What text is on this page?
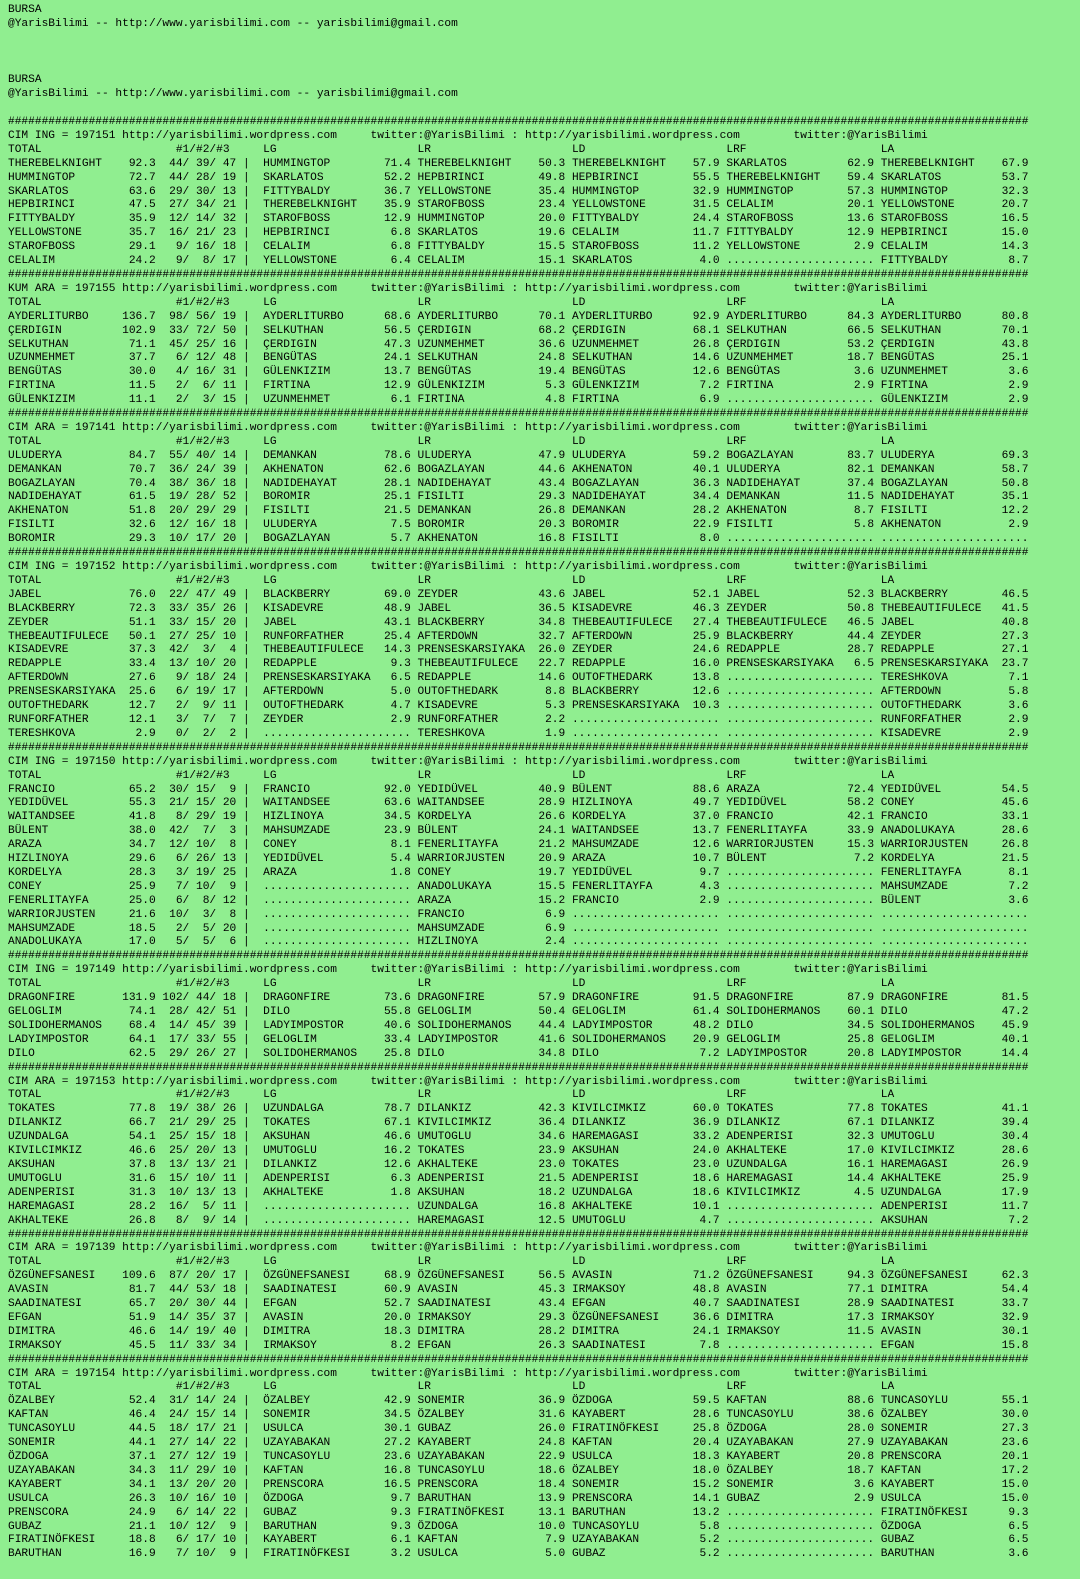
BURSA
@YarisBilimi -- http://www.yarisbilimi.com -- yarisbilimi@gmail.com
BURSA
@YarisBilimi -- http://www.yarisbilimi.com -- yarisbilimi@gmail.com
########################################################################################################################################################
CIM ING = 197151 http://yarisbilimi.wordpress.com     twitter:@YarisBilimi : http://yarisbilimi.wordpress.com        twitter:@YarisBilimi
TOTAL                    #1/#2/#3     LG                     LR                     LD                     LRF                    LA
THEREBELKNIGHT    92.3  44/ 39/ 47 |  HUMMINGTOP        71.4 THEREBELKNIGHT    50.3 THEREBELKNIGHT    57.9 SKARLATOS         62.9 THEREBELKNIGHT    67.9
HUMMINGTOP        72.7  44/ 28/ 19 |  SKARLATOS         52.2 HEPBIRINCI        49.8 HEPBIRINCI        55.5 THEREBELKNIGHT    59.4 SKARLATOS         53.7
SKARLATOS         63.6  29/ 30/ 13 |  FITTYBALDY        36.7 YELLOWSTONE       35.4 HUMMINGTOP        32.9 HUMMINGTOP        57.3 HUMMINGTOP        32.3
HEPBIRINCI        47.5  27/ 34/ 21 |  THEREBELKNIGHT    35.9 STAROFBOSS        23.4 YELLOWSTONE       31.5 CELALIM           20.1 YELLOWSTONE       20.7
FITTYBALDY        35.9  12/ 14/ 32 |  STAROFBOSS        12.9 HUMMINGTOP        20.0 FITTYBALDY        24.4 STAROFBOSS        13.6 STAROFBOSS        16.5
YELLOWSTONE       35.7  16/ 21/ 23 |  HEPBIRINCI         6.8 SKARLATOS         19.6 CELALIM           11.7 FITTYBALDY        12.9 HEPBIRINCI        15.0
STAROFBOSS        29.1   9/ 16/ 18 |  CELALIM            6.8 FITTYBALDY        15.5 STAROFBOSS        11.2 YELLOWSTONE        2.9 CELALIM           14.3
CELALIM           24.2   9/  8/ 17 |  YELLOWSTONE        6.4 CELALIM           15.1 SKARLATOS          4.0 ...................... FITTYBALDY         8.7
########################################################################################################################################################
KUM ARA = 197155 http://yarisbilimi.wordpress.com     twitter:@YarisBilimi : http://yarisbilimi.wordpress.com        twitter:@YarisBilimi
TOTAL                    #1/#2/#3     LG                     LR                     LD                     LRF                    LA
AYDERLITURBO     136.7  98/ 56/ 19 |  AYDERLITURBO      68.6 AYDERLITURBO      70.1 AYDERLITURBO      92.9 AYDERLITURBO      84.3 AYDERLITURBO      80.8
ÇERDIGIN         102.9  33/ 72/ 50 |  SELKUTHAN         56.5 ÇERDIGIN          68.2 ÇERDIGIN          68.1 SELKUTHAN         66.5 SELKUTHAN         70.1
SELKUTHAN         71.1  45/ 25/ 16 |  ÇERDIGIN          47.3 UZUNMEHMET        36.6 UZUNMEHMET        26.8 ÇERDIGIN          53.2 ÇERDIGIN          43.8
UZUNMEHMET        37.7   6/ 12/ 48 |  BENGÜTAS          24.1 SELKUTHAN         24.8 SELKUTHAN         14.6 UZUNMEHMET        18.7 BENGÜTAS          25.1
BENGÜTAS          30.0   4/ 16/ 31 |  GÜLENKIZIM        13.7 BENGÜTAS          19.4 BENGÜTAS          12.6 BENGÜTAS           3.6 UZUNMEHMET         3.6
FIRTINA           11.5   2/  6/ 11 |  FIRTINA           12.9 GÜLENKIZIM         5.3 GÜLENKIZIM         7.2 FIRTINA            2.9 FIRTINA            2.9
GÜLENKIZIM        11.1   2/  3/ 15 |  UZUNMEHMET         6.1 FIRTINA            4.8 FIRTINA            6.9 ...................... GÜLENKIZIM         2.9
########################################################################################################################################################
CIM ARA = 197141 http://yarisbilimi.wordpress.com     twitter:@YarisBilimi : http://yarisbilimi.wordpress.com        twitter:@YarisBilimi
TOTAL                    #1/#2/#3     LG                     LR                     LD                     LRF                    LA
ULUDERYA          84.7  55/ 40/ 14 |  DEMANKAN          78.6 ULUDERYA          47.9 ULUDERYA          59.2 BOGAZLAYAN        83.7 ULUDERYA          69.3
DEMANKAN          70.7  36/ 24/ 39 |  AKHENATON         62.6 BOGAZLAYAN        44.6 AKHENATON         40.1 ULUDERYA          82.1 DEMANKAN          58.7
BOGAZLAYAN        70.4  38/ 36/ 18 |  NADIDEHAYAT       28.1 NADIDEHAYAT       43.4 BOGAZLAYAN        36.3 NADIDEHAYAT       37.4 BOGAZLAYAN        50.8
NADIDEHAYAT       61.5  19/ 28/ 52 |  BOROMIR           25.1 FISILTI           29.3 NADIDEHAYAT       34.4 DEMANKAN          11.5 NADIDEHAYAT       35.1
AKHENATON         51.8  20/ 29/ 29 |  FISILTI           21.5 DEMANKAN          26.8 DEMANKAN          28.2 AKHENATON          8.7 FISILTI           12.2
FISILTI           32.6  12/ 16/ 18 |  ULUDERYA           7.5 BOROMIR           20.3 BOROMIR           22.9 FISILTI            5.8 AKHENATON          2.9
BOROMIR           29.3  10/ 17/ 20 |  BOGAZLAYAN         5.7 AKHENATON         16.8 FISILTI            8.0 ...................... ......................
########################################################################################################################################################
CIM ING = 197152 http://yarisbilimi.wordpress.com     twitter:@YarisBilimi : http://yarisbilimi.wordpress.com        twitter:@YarisBilimi
TOTAL                    #1/#2/#3     LG                     LR                     LD                     LRF                    LA
JABEL             76.0  22/ 47/ 49 |  BLACKBERRY        69.0 ZEYDER            43.6 JABEL             52.1 JABEL             52.3 BLACKBERRY        46.5
BLACKBERRY        72.3  33/ 35/ 26 |  KISADEVRE         48.9 JABEL             36.5 KISADEVRE         46.3 ZEYDER            50.8 THEBEAUTIFULECE   41.5
ZEYDER            51.1  33/ 15/ 20 |  JABEL             43.1 BLACKBERRY        34.8 THEBEAUTIFULECE   27.4 THEBEAUTIFULECE   46.5 JABEL             40.8
THEBEAUTIFULECE   50.1  27/ 25/ 10 |  RUNFORFATHER      25.4 AFTERDOWN         32.7 AFTERDOWN         25.9 BLACKBERRY        44.4 ZEYDER            27.3
KISADEVRE         37.3  42/  3/  4 |  THEBEAUTIFULECE   14.3 PRENSESKARSIYAKA  26.0 ZEYDER            24.6 REDAPPLE          28.7 REDAPPLE          27.1
REDAPPLE          33.4  13/ 10/ 20 |  REDAPPLE           9.3 THEBEAUTIFULECE   22.7 REDAPPLE          16.0 PRENSESKARSIYAKA   6.5 PRENSESKARSIYAKA  23.7
AFTERDOWN         27.6   9/ 18/ 24 |  PRENSESKARSIYAKA   6.5 REDAPPLE          14.6 OUTOFTHEDARK      13.8 ...................... TERESHKOVA         7.1
PRENSESKARSIYAKA  25.6   6/ 19/ 17 |  AFTERDOWN          5.0 OUTOFTHEDARK       8.8 BLACKBERRY        12.6 ...................... AFTERDOWN          5.8
OUTOFTHEDARK      12.7   2/  9/ 11 |  OUTOFTHEDARK       4.7 KISADEVRE          5.3 PRENSESKARSIYAKA  10.3 ...................... OUTOFTHEDARK       3.6
RUNFORFATHER      12.1   3/  7/  7 |  ZEYDER             2.9 RUNFORFATHER       2.2 ...................... ...................... RUNFORFATHER       2.9
TERESHKOVA         2.9   0/  2/  2 |  ...................... TERESHKOVA         1.9 ...................... ...................... KISADEVRE          2.9
########################################################################################################################################################
CIM ING = 197150 http://yarisbilimi.wordpress.com     twitter:@YarisBilimi : http://yarisbilimi.wordpress.com        twitter:@YarisBilimi
TOTAL                    #1/#2/#3     LG                     LR                     LD                     LRF                    LA
FRANCIO           65.2  30/ 15/  9 |  FRANCIO           92.0 YEDIDÜVEL         40.9 BÜLENT            88.6 ARAZA             72.4 YEDIDÜVEL         54.5
YEDIDÜVEL         55.3  21/ 15/ 20 |  WAITANDSEE        63.6 WAITANDSEE        28.9 HIZLINOYA         49.7 YEDIDÜVEL         58.2 CONEY             45.6
WAITANDSEE        41.8   8/ 29/ 19 |  HIZLINOYA         34.5 KORDELYA          26.6 KORDELYA          37.0 FRANCIO           42.1 FRANCIO           33.1
BÜLENT            38.0  42/  7/  3 |  MAHSUMZADE        23.9 BÜLENT            24.1 WAITANDSEE        13.7 FENERLITAYFA      33.9 ANADOLUKAYA       28.6
ARAZA             34.7  12/ 10/  8 |  CONEY              8.1 FENERLITAYFA      21.2 MAHSUMZADE        12.6 WARRIORJUSTEN     15.3 WARRIORJUSTEN     26.8
HIZLINOYA         29.6   6/ 26/ 13 |  YEDIDÜVEL          5.4 WARRIORJUSTEN     20.9 ARAZA             10.7 BÜLENT             7.2 KORDELYA          21.5
KORDELYA          28.3   3/ 19/ 25 |  ARAZA              1.8 CONEY             19.7 YEDIDÜVEL          9.7 ...................... FENERLITAYFA       8.1
CONEY             25.9   7/ 10/  9 |  ...................... ANADOLUKAYA       15.5 FENERLITAYFA       4.3 ...................... MAHSUMZADE         7.2
FENERLITAYFA      25.0   6/  8/ 12 |  ...................... ARAZA             15.2 FRANCIO            2.9 ...................... BÜLENT             3.6
WARRIORJUSTEN     21.6  10/  3/  8 |  ...................... FRANCIO            6.9 ...................... ...................... ......................
MAHSUMZADE        18.5   2/  5/ 20 |  ...................... MAHSUMZADE         6.9 ...................... ...................... ......................
ANADOLUKAYA       17.0   5/  5/  6 |  ...................... HIZLINOYA          2.4 ...................... ...................... ......................
########################################################################################################################################################
CIM ING = 197149 http://yarisbilimi.wordpress.com     twitter:@YarisBilimi : http://yarisbilimi.wordpress.com        twitter:@YarisBilimi
TOTAL                    #1/#2/#3     LG                     LR                     LD                     LRF                    LA
DRAGONFIRE       131.9 102/ 44/ 18 |  DRAGONFIRE        73.6 DRAGONFIRE        57.9 DRAGONFIRE        91.5 DRAGONFIRE        87.9 DRAGONFIRE        81.5
GELOGLIM          74.1  28/ 42/ 51 |  DILO              55.8 GELOGLIM          50.4 GELOGLIM          61.4 SOLIDOHERMANOS    60.1 DILO              47.2
SOLIDOHERMANOS    68.4  14/ 45/ 39 |  LADYIMPOSTOR      40.6 SOLIDOHERMANOS    44.4 LADYIMPOSTOR      48.2 DILO              34.5 SOLIDOHERMANOS    45.9
LADYIMPOSTOR      64.1  17/ 33/ 55 |  GELOGLIM          33.4 LADYIMPOSTOR      41.6 SOLIDOHERMANOS    20.9 GELOGLIM          25.8 GELOGLIM          40.1
DILO              62.5  29/ 26/ 27 |  SOLIDOHERMANOS    25.8 DILO              34.8 DILO               7.2 LADYIMPOSTOR      20.8 LADYIMPOSTOR      14.4
########################################################################################################################################################
CIM ARA = 197153 http://yarisbilimi.wordpress.com     twitter:@YarisBilimi : http://yarisbilimi.wordpress.com        twitter:@YarisBilimi
TOTAL                    #1/#2/#3     LG                     LR                     LD                     LRF                    LA
TOKATES           77.8  19/ 38/ 26 |  UZUNDALGA         78.7 DILANKIZ          42.3 KIVILCIMKIZ       60.0 TOKATES           77.8 TOKATES           41.1
DILANKIZ          66.7  21/ 29/ 25 |  TOKATES           67.1 KIVILCIMKIZ       36.4 DILANKIZ          36.9 DILANKIZ          67.1 DILANKIZ          39.4
UZUNDALGA         54.1  25/ 15/ 18 |  AKSUHAN           46.6 UMUTOGLU          34.6 HAREMAGASI        33.2 ADENPERISI        32.3 UMUTOGLU          30.4
KIVILCIMKIZ       46.6  25/ 20/ 13 |  UMUTOGLU          16.2 TOKATES           23.9 AKSUHAN           24.0 AKHALTEKE         17.0 KIVILCIMKIZ       28.6
AKSUHAN           37.8  13/ 13/ 21 |  DILANKIZ          12.6 AKHALTEKE         23.0 TOKATES           23.0 UZUNDALGA         16.1 HAREMAGASI        26.9
UMUTOGLU          31.6  15/ 10/ 11 |  ADENPERISI         6.3 ADENPERISI        21.5 ADENPERISI        18.6 HAREMAGASI        14.4 AKHALTEKE         25.9
ADENPERISI        31.3  10/ 13/ 13 |  AKHALTEKE          1.8 AKSUHAN           18.2 UZUNDALGA         18.6 KIVILCIMKIZ        4.5 UZUNDALGA         17.9
HAREMAGASI        28.2  16/  5/ 11 |  ...................... UZUNDALGA         16.8 AKHALTEKE         10.1 ...................... ADENPERISI        11.7
AKHALTEKE         26.8   8/  9/ 14 |  ...................... HAREMAGASI        12.5 UMUTOGLU           4.7 ...................... AKSUHAN            7.2
########################################################################################################################################################
CIM ARA = 197139 http://yarisbilimi.wordpress.com     twitter:@YarisBilimi : http://yarisbilimi.wordpress.com        twitter:@YarisBilimi
TOTAL                    #1/#2/#3     LG                     LR                     LD                     LRF                    LA
ÖZGÜNEFSANESI    109.6  87/ 20/ 17 |  ÖZGÜNEFSANESI     68.9 ÖZGÜNEFSANESI     56.5 AVASIN            71.2 ÖZGÜNEFSANESI     94.3 ÖZGÜNEFSANESI     62.3
AVASIN            81.7  44/ 53/ 18 |  SAADINATESI       60.9 AVASIN            45.3 IRMAKSOY          48.8 AVASIN            77.1 DIMITRA           54.4
SAADINATESI       65.7  20/ 30/ 44 |  EFGAN             52.7 SAADINATESI       43.4 EFGAN             40.7 SAADINATESI       28.9 SAADINATESI       33.7
EFGAN             51.9  14/ 35/ 37 |  AVASIN            20.0 IRMAKSOY          29.3 ÖZGÜNEFSANESI     36.6 DIMITRA           17.3 IRMAKSOY          32.9
DIMITRA           46.6  14/ 19/ 40 |  DIMITRA           18.3 DIMITRA           28.2 DIMITRA           24.1 IRMAKSOY          11.5 AVASIN            30.1
IRMAKSOY          45.5  11/ 33/ 34 |  IRMAKSOY           8.2 EFGAN             26.3 SAADINATESI        7.8 ...................... EFGAN             15.8
########################################################################################################################################################
CIM ARA = 197154 http://yarisbilimi.wordpress.com     twitter:@YarisBilimi : http://yarisbilimi.wordpress.com        twitter:@YarisBilimi
TOTAL                    #1/#2/#3     LG                     LR                     LD                     LRF                    LA
ÖZALBEY           52.4  31/ 14/ 24 |  ÖZALBEY           42.9 SONEMIR           36.9 ÖZDOGA            59.5 KAFTAN            88.6 TUNCASOYLU        55.1
KAFTAN            46.4  24/ 15/ 14 |  SONEMIR           34.5 ÖZALBEY           31.6 KAYABERT          28.6 TUNCASOYLU        38.6 ÖZALBEY           30.0
TUNCASOYLU        44.5  18/ 17/ 21 |  USULCA            30.1 GUBAZ             26.0 FIRATINÖFKESI     25.8 ÖZDOGA            28.0 SONEMIR           27.3
SONEMIR           44.1  27/ 14/ 22 |  UZAYABAKAN        27.2 KAYABERT          24.8 KAFTAN            20.4 UZAYABAKAN        27.9 UZAYABAKAN        23.6
ÖZDOGA            37.1  27/ 12/ 19 |  TUNCASOYLU        23.6 UZAYABAKAN        22.9 USULCA            18.3 KAYABERT          20.8 PRENSCORA         20.1
UZAYABAKAN        34.3  11/ 29/ 10 |  KAFTAN            16.8 TUNCASOYLU        18.6 ÖZALBEY           18.0 ÖZALBEY           18.7 KAFTAN            17.2
KAYABERT          34.1  13/ 20/ 20 |  PRENSCORA         16.5 PRENSCORA         18.4 SONEMIR           15.2 SONEMIR            3.6 KAYABERT          15.0
USULCA            26.3  10/ 16/ 10 |  ÖZDOGA             9.7 BARUTHAN          13.9 PRENSCORA         14.1 GUBAZ              2.9 USULCA            15.0
PRENSCORA         24.9   6/ 14/ 22 |  GUBAZ              9.3 FIRATINÖFKESI     13.1 BARUTHAN          13.2 ...................... FIRATINÖFKESI      9.3
GUBAZ             21.1  10/ 12/  9 |  BARUTHAN           9.3 ÖZDOGA            10.0 TUNCASOYLU         5.8 ...................... ÖZDOGA             6.5
FIRATINÖFKESI     18.8   6/ 17/ 10 |  KAYABERT           6.1 KAFTAN             7.9 UZAYABAKAN         5.2 ...................... GUBAZ              6.5
BARUTHAN          16.9   7/ 10/  9 |  FIRATINÖFKESI      3.2 USULCA             5.0 GUBAZ              5.2 ...................... BARUTHAN           3.6
